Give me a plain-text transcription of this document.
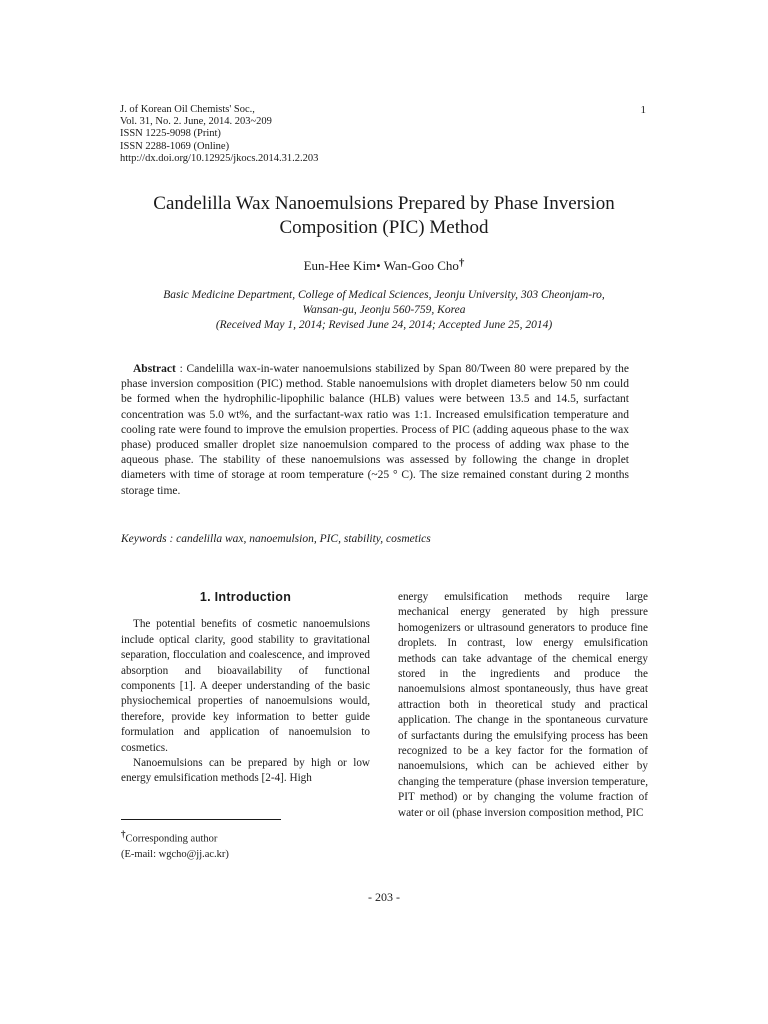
J. of Korean Oil Chemists' Soc.,
Vol. 31, No. 2. June, 2014. 203~209
ISSN 1225-9098 (Print)
ISSN 2288-1069 (Online)
http://dx.doi.org/10.12925/jkocs.2014.31.2.203
1
Candelilla Wax Nanoemulsions Prepared by Phase Inversion Composition (PIC) Method
Eun-Hee Kim• Wan-Goo Cho†
Basic Medicine Department, College of Medical Sciences, Jeonju University, 303 Cheonjam-ro,
Wansan-gu, Jeonju 560-759, Korea
(Received May 1, 2014; Revised June 24, 2014; Accepted June 25, 2014)
Abstract : Candelilla wax-in-water nanoemulsions stabilized by Span 80/Tween 80 were prepared by the phase inversion composition (PIC) method. Stable nanoemulsions with droplet diameters below 50 nm could be formed when the hydrophilic-lipophilic balance (HLB) values were between 13.5 and 14.5, surfactant concentration was 5.0 wt%, and the surfactant-wax ratio was 1:1. Increased emulsification temperature and cooling rate were found to improve the emulsion properties. Process of PIC (adding aqueous phase to the wax phase) produced smaller droplet size nanoemulsion compared to the process of adding wax phase to the aqueous phase. The stability of these nanoemulsions was assessed by following the change in droplet diameters with time of storage at room temperature (~25 ° C). The size remained constant during 2 months storage time.
Keywords : candelilla wax, nanoemulsion, PIC, stability, cosmetics
1. Introduction

The potential benefits of cosmetic nanoemulsions include optical clarity, good stability to gravitational separation, flocculation and coalescence, and improved absorption and bioavailability of functional components [1]. A deeper understanding of the basic physiochemical properties of nanoemulsions would, therefore, provide key information to better guide formulation and application of nanoemulsion to cosmetics.

Nanoemulsions can be prepared by high or low energy emulsification methods [2-4]. High

energy emulsification methods require large mechanical energy generated by high pressure homogenizers or ultrasound generators to produce fine droplets. In contrast, low energy emulsification methods can take advantage of the chemical energy stored in the ingredients and produce the nanoemulsions almost spontaneously, thus have great attraction both in theoretical study and practical application. The change in the spontaneous curvature of surfactants during the emulsifying process has been recognized to be a key factor for the formation of nanoemulsions, which can be achieved either by changing the temperature (phase inversion temperature, PIT method) or by changing the volume fraction of water or oil (phase inversion composition method, PIC

†Corresponding author
(E-mail: wgcho@jj.ac.kr)
- 203 -
